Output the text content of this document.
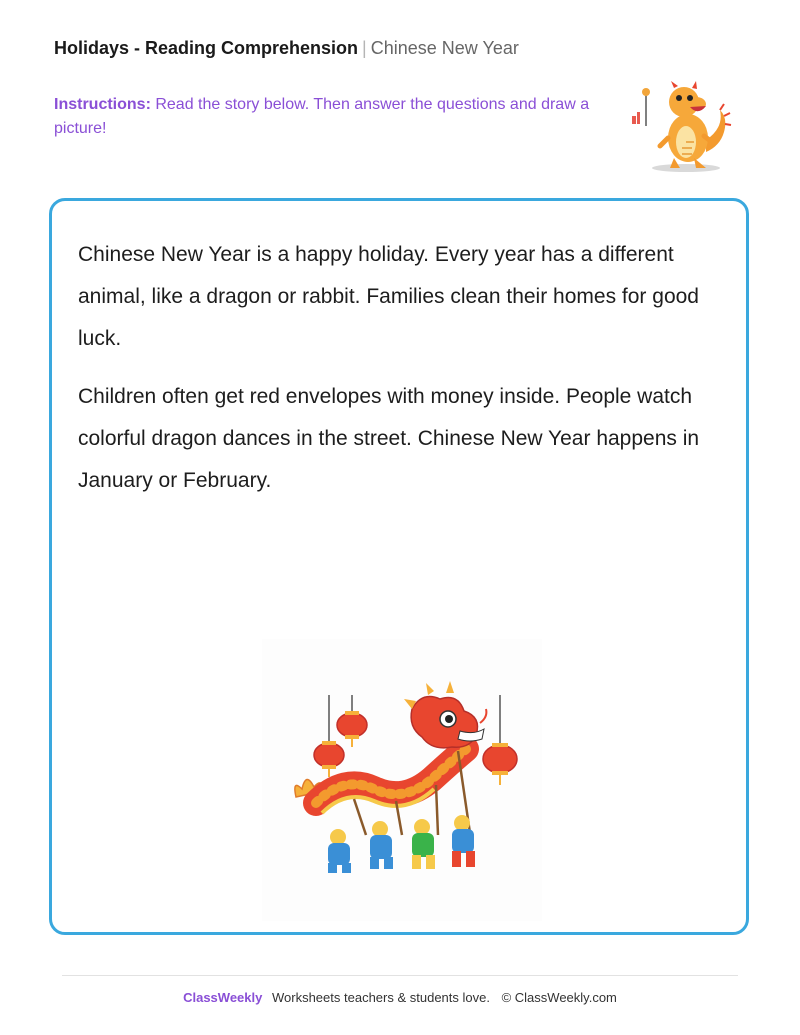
Holidays - Reading Comprehension | Chinese New Year
Instructions: Read the story below. Then answer the questions and draw a picture!

Chinese New Year is a happy holiday. Every year has a different animal, like a dragon or rabbit. Families clean their homes for good luck.

Children often get red envelopes with money inside. People watch colorful dragon dances in the street. Chinese New Year happens in January or February.

ClassWeekly Worksheets teachers & students love. © ClassWeekly.com
